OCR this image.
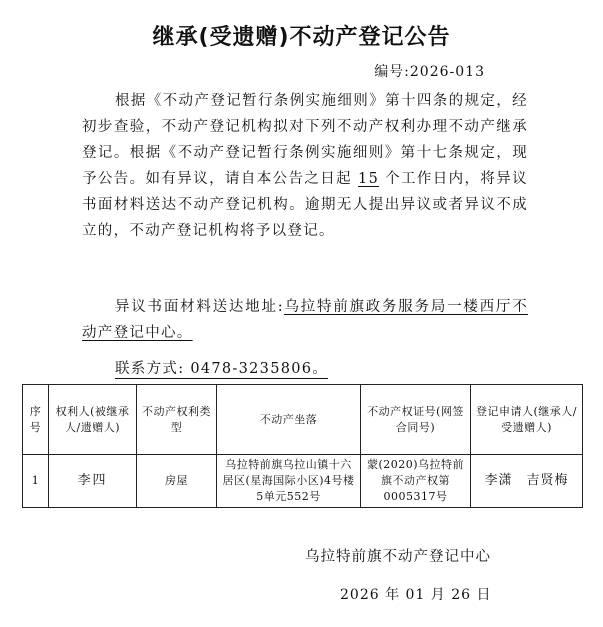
继承(受遗赠)不动产登记公告
编号:2026-013

根据《不动产登记暂行条例实施细则》第十四条的规定，经初步查验，不动产登记机构拟对下列不动产权利办理不动产继承登记。根据《不动产登记暂行条例实施细则》第十七条规定，现予公告。如有异议，请自本公告之日起 15 个工作日内，将异议书面材料送达不动产登记机构。逾期无人提出异议或者异议不成立的，不动产登记机构将予以登记。

异议书面材料送达地址:乌拉特前旗政务服务局一楼西厅不动产登记中心。

联系方式: 0478-3235806。

序号	权利人(被继承人/遗赠人)	不动产权利类型	不动产坐落	不动产权证号(网签合同号)	登记申请人(继承人/受遗赠人)
1	李四	房屋	乌拉特前旗乌拉山镇十六居区(星海国际小区)4号楼5单元552号	蒙(2020)乌拉特前旗不动产权第0005317号	李潇　吉贤梅
乌拉特前旗不动产登记中心
2026 年 01 月 26 日
